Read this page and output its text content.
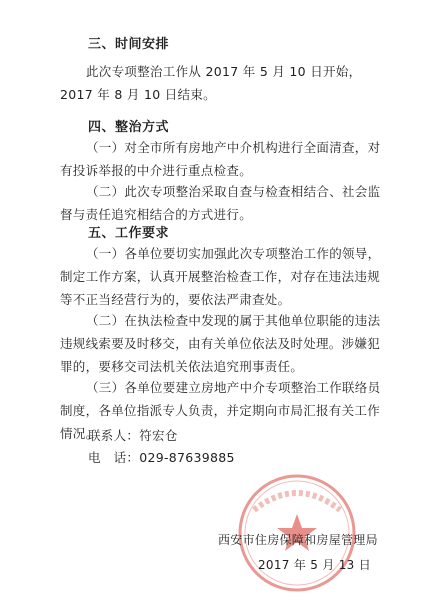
三、时间安排
此次专项整治工作从 2017 年 5 月 10 日开始，2017 年 8 月 10 日结束。
四、整治方式
（一）对全市所有房地产中介机构进行全面清查，对有投诉举报的中介进行重点检查。
（二）此次专项整治采取自查与检查相结合、社会监督与责任追究相结合的方式进行。
五、工作要求
（一）各单位要切实加强此次专项整治工作的领导，制定工作方案，认真开展整治检查工作，对存在违法违规等不正当经营行为的，要依法严肃查处。
（二）在执法检查中发现的属于其他单位职能的违法违规线索要及时移交，由有关单位依法及时处理。涉嫌犯罪的，要移交司法机关依法追究刑事责任。
（三）各单位要建立房地产中介专项整治工作联络员制度，各单位指派专人负责，并定期向市局汇报有关工作情况。
联系人：符宏仓
电　话：029-87639885
西安市住房保障和房屋管理局
2017 年 5 月 13 日
